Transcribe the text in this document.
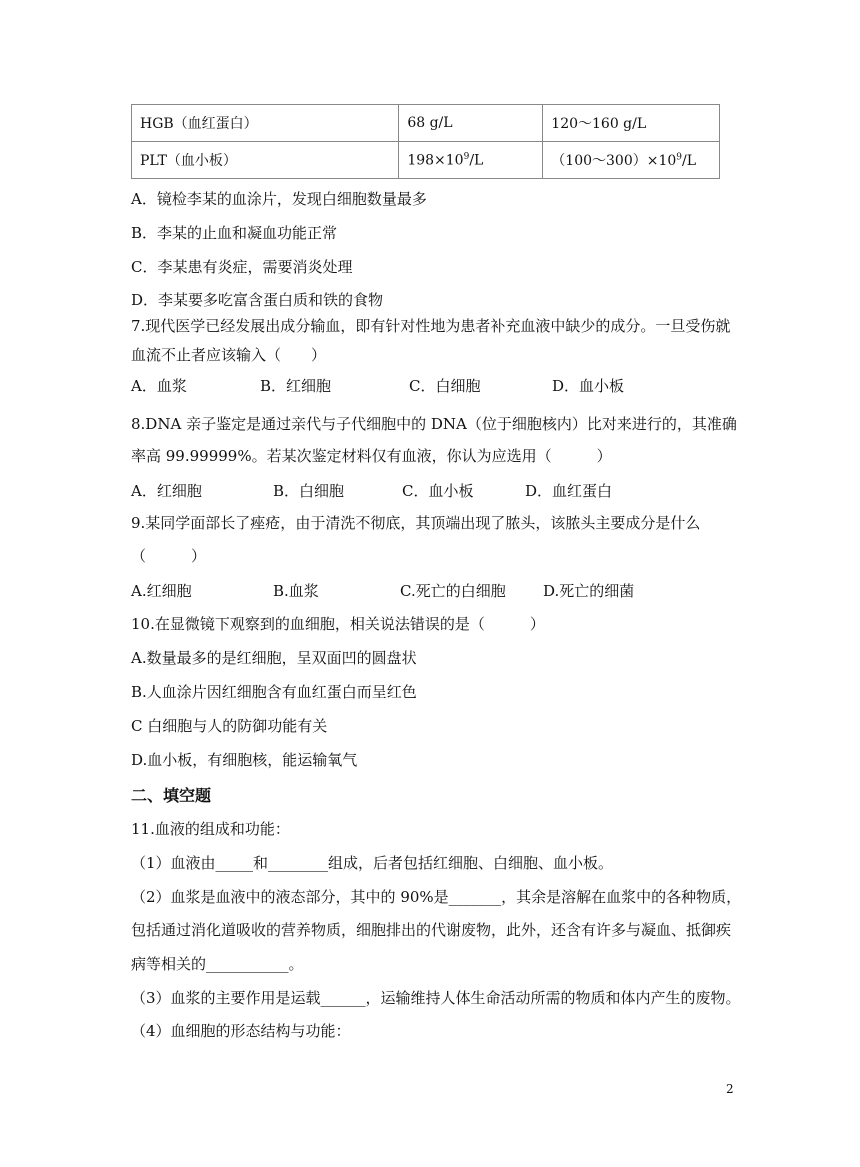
HGB（血红蛋白）	68 g/L	120～160 g/L
PLT（血小板）	$198\times 10^9/L$	$(100\sim 300)\times 10^9/L$
A．镜检李某的血涂片，发现白细胞数量最多
B．李某的止血和凝血功能正常
C．李某患有炎症，需要消炎处理
D．李某要多吃富含蛋白质和铁的食物
7.现代医学已经发展出成分输血，即有针对性地为患者补充血液中缺少的成分。一旦受伤就
血流不止者应该输入（　　）
A．血浆	B．红细胞	C．白细胞	D．血小板
8.DNA 亲子鉴定是通过亲代与子代细胞中的 DNA（位于细胞核内）比对来进行的，其准确
率高 99.99999%。若某次鉴定材料仅有血液，你认为应选用（　　　）
A．红细胞	B．白细胞	C．血小板	D．血红蛋白
9.某同学面部长了痤疮，由于清洗不彻底，其顶端出现了脓头，该脓头主要成分是什么
（　　　）
A.红细胞	B.血浆	C.死亡的白细胞 D.死亡的细菌
10.在显微镜下观察到的血细胞，相关说法错误的是（　　　）
A.数量最多的是红细胞，呈双面凹的圆盘状
B.人血涂片因红细胞含有血红蛋白而呈红色
C 白细胞与人的防御功能有关
D.血小板，有细胞核，能运输氧气
二、填空题
11.血液的组成和功能：
（1）血液由_____和________组成，后者包括红细胞、白细胞、血小板。
（2）血浆是血液中的液态部分，其中的 90%是_______，其余是溶解在血浆中的各种物质，
包括通过消化道吸收的营养物质，细胞排出的代谢废物，此外，还含有许多与凝血、抵御疾
病等相关的___________。
（3）血浆的主要作用是运载______，运输维持人体生命活动所需的物质和体内产生的废物。
（4）血细胞的形态结构与功能：
2
